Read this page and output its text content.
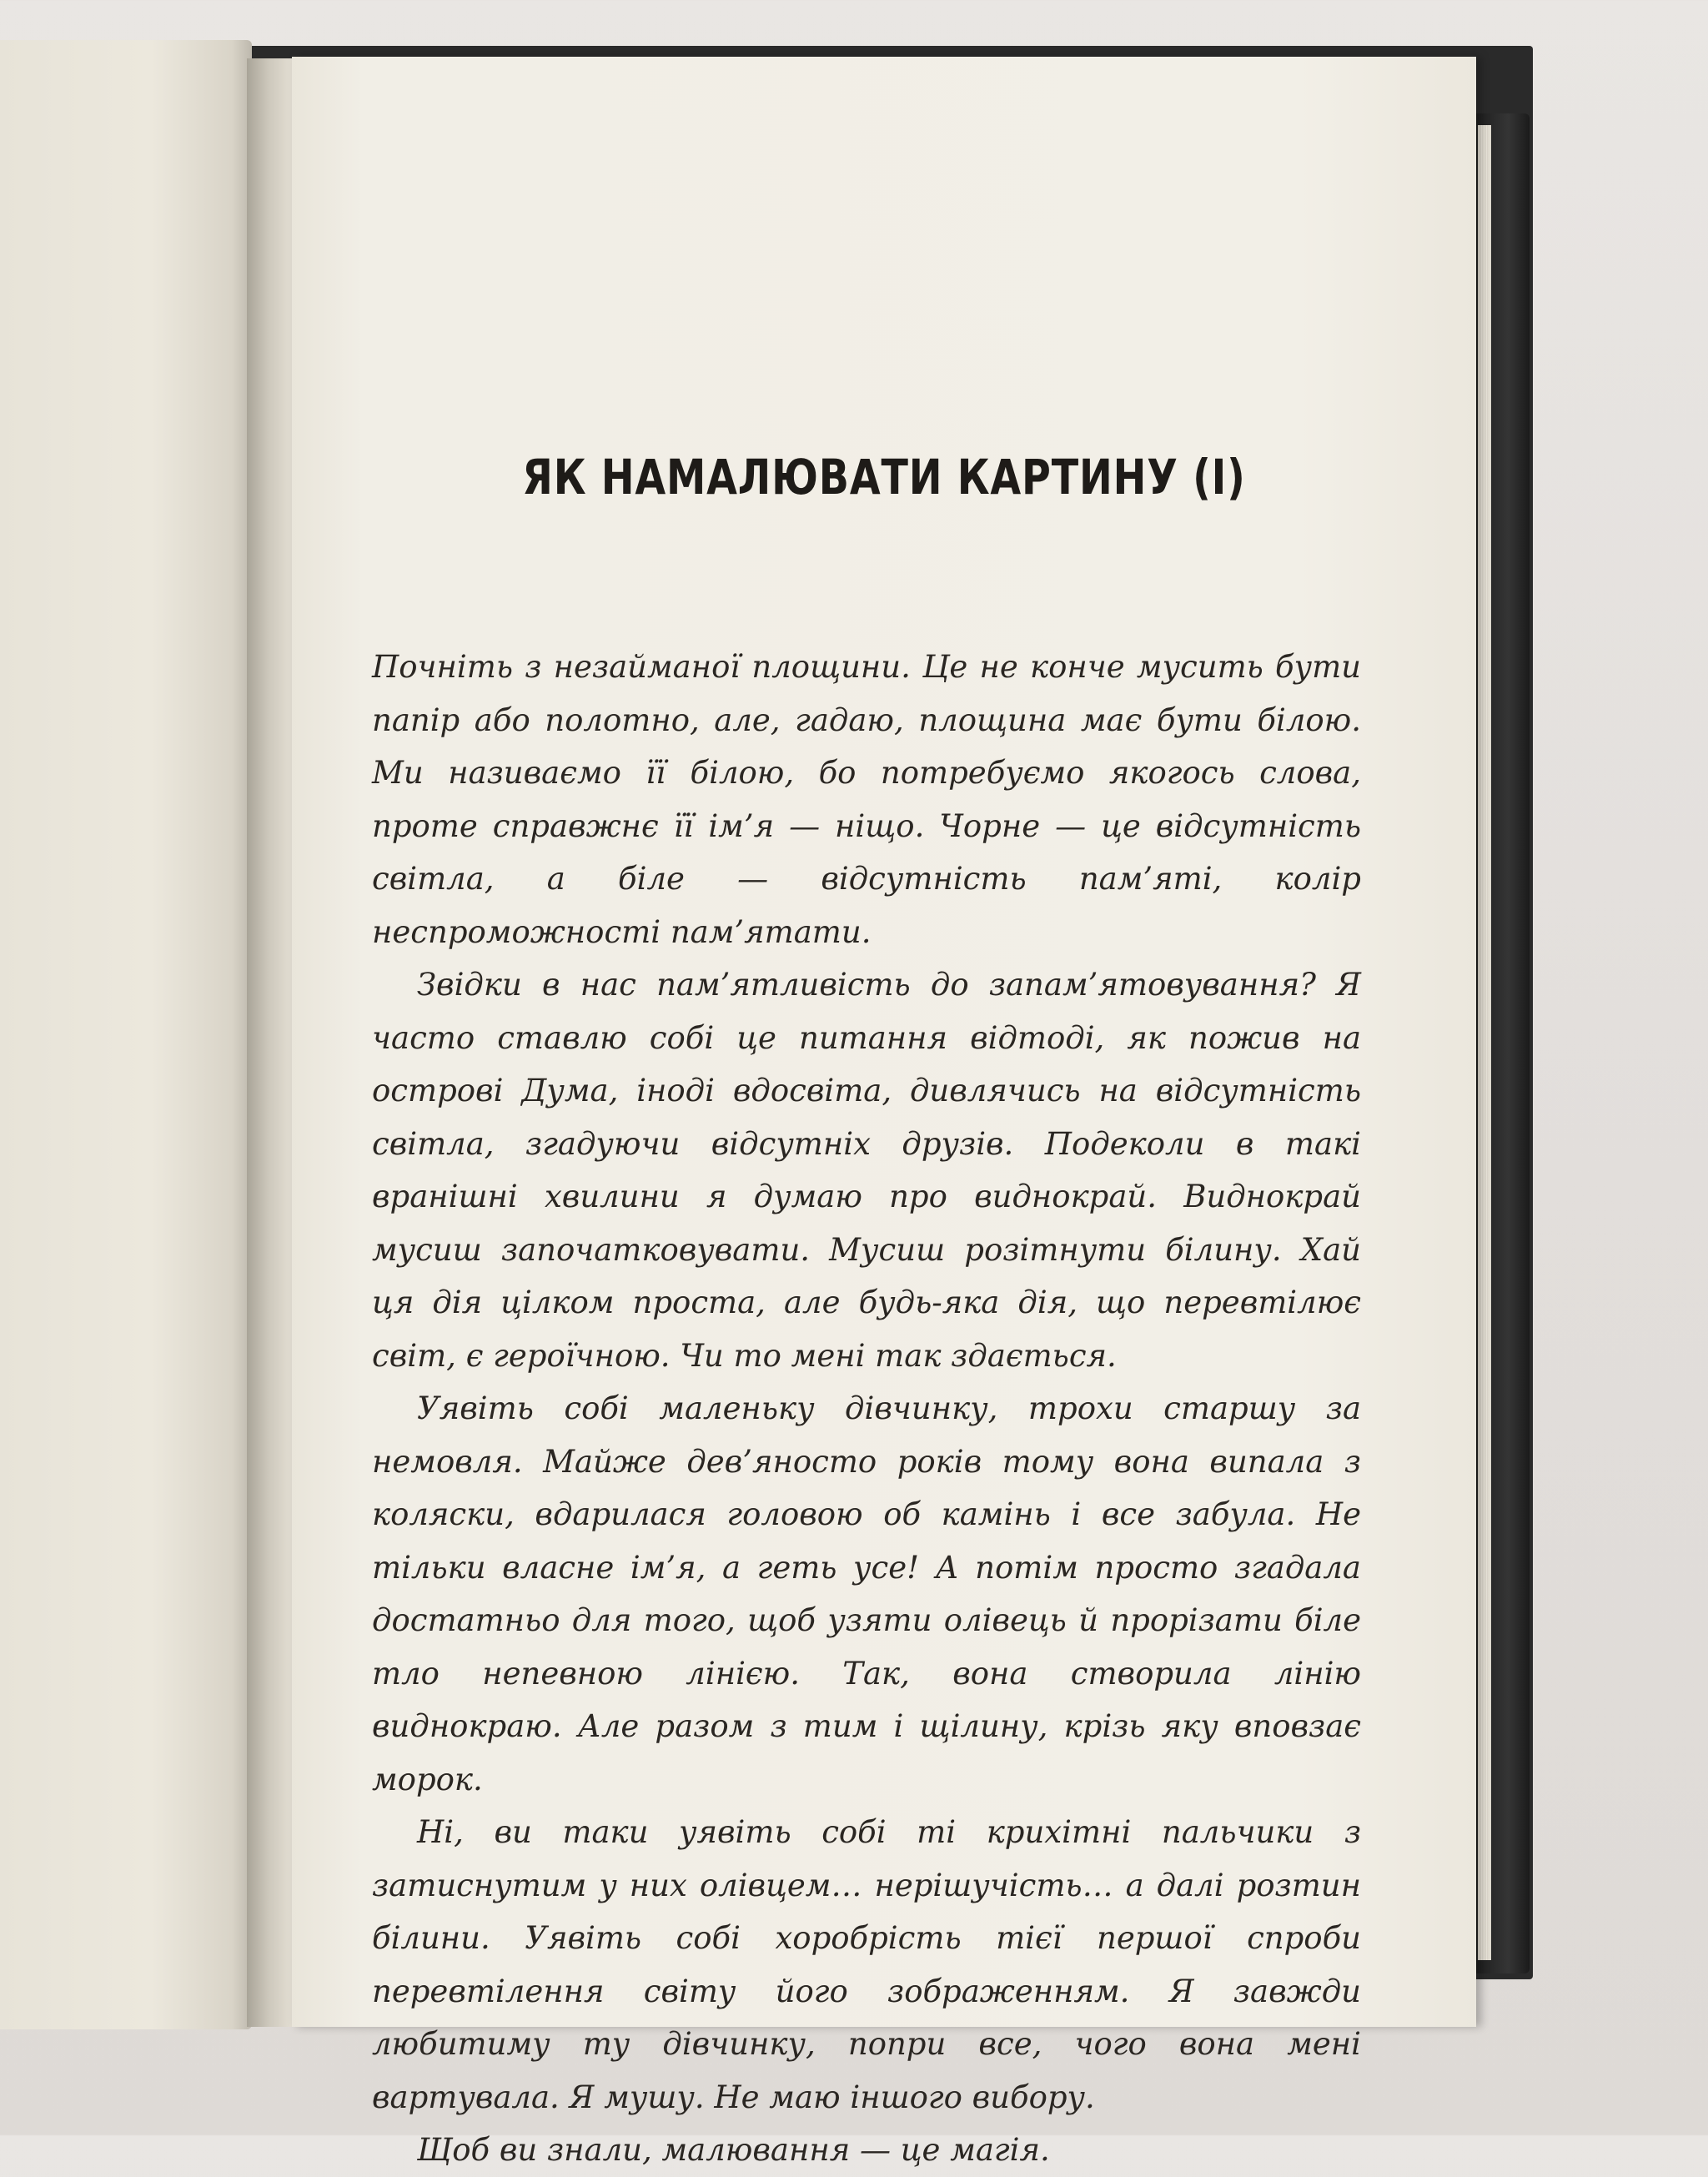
ЯК НАМАЛЮВАТИ КАРТИНУ (І)

Почніть з незайманої площини. Це не конче мусить бути папір або полотно, але, гадаю, площина має бути білою. Ми називаємо її білою, бо потребуємо якогось слова, проте справжнє її ім’я — ніщо. Чорне — це відсутність світла, а біле — відсутність пам’яті, колір неспроможності пам’ятати.

Звідки в нас пам’ятливість до запам’ятовування? Я часто ставлю собі це питання відтоді, як пожив на острові Дума, іноді вдосвіта, дивлячись на відсутність світла, згадуючи відсутніх друзів. Подеколи в такі вранішні хвилини я думаю про виднокрай. Виднокрай мусиш започатковувати. Мусиш розітнути білину. Хай ця дія цілком проста, але будь-яка дія, що перевтілює світ, є героїчною. Чи то мені так здається.

Уявіть собі маленьку дівчинку, трохи старшу за немовля. Майже дев’яносто років тому вона випала з коляски, вдарилася головою об камінь і все забула. Не тільки власне ім’я, а геть усе! А потім просто згадала достатньо для того, щоб узяти олівець й прорізати біле тло непевною лінією. Так, вона створила лінію виднокраю. Але разом з тим і щілину, крізь яку вповзає морок.

Ні, ви таки уявіть собі ті крихітні пальчики з затиснутим у них олівцем… нерішучість… а далі розтин білини. Уявіть собі хоробрість тієї першої спроби перевтілення світу його зображенням. Я завжди любитиму ту дівчинку, попри все, чого вона мені вартувала. Я мушу. Не маю іншого вибору.

Щоб ви знали, малювання — це магія.
